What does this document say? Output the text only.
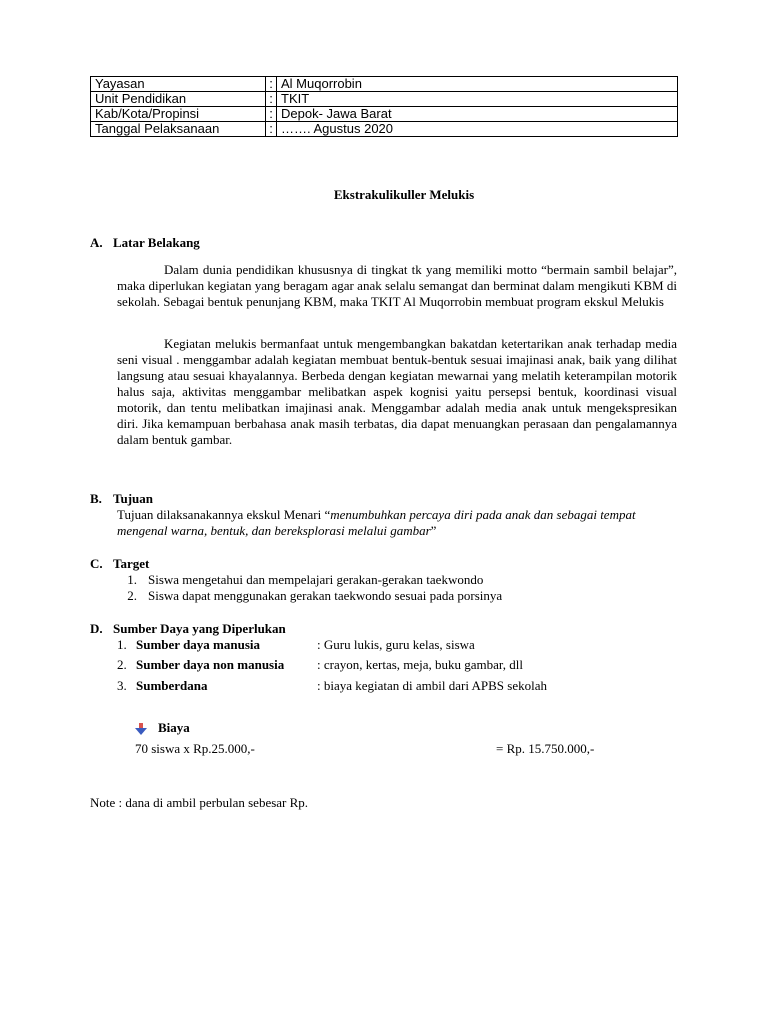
Yayasan	:	Al Muqorrobin
Unit Pendidikan	:	TKIT
Kab/Kota/Propinsi	:	Depok- Jawa Barat
Tanggal Pelaksanaan	:	……. Agustus 2020
Ekstrakulikuller Melukis
A. Latar Belakang
Dalam dunia pendidikan khususnya di tingkat tk yang memiliki motto “bermain sambil belajar”, maka diperlukan kegiatan yang beragam agar anak selalu semangat dan berminat dalam mengikuti KBM di sekolah. Sebagai bentuk penunjang KBM, maka TKIT Al Muqorrobin membuat program ekskul Melukis
Kegiatan melukis bermanfaat untuk mengembangkan bakatdan ketertarikan anak terhadap media seni visual . menggambar adalah kegiatan membuat bentuk-bentuk sesuai imajinasi anak, baik yang dilihat langsung atau sesuai khayalannya. Berbeda dengan kegiatan mewarnai yang melatih keterampilan motorik halus saja, aktivitas menggambar melibatkan aspek kognisi yaitu persepsi bentuk, koordinasi visual motorik, dan tentu melibatkan imajinasi anak. Menggambar adalah media anak untuk mengekspresikan diri. Jika kemampuan berbahasa anak masih terbatas, dia dapat menuangkan perasaan dan pengalamannya dalam bentuk gambar.
B. Tujuan
Tujuan dilaksanakannya ekskul Menari “menumbuhkan percaya diri pada anak dan sebagai tempat mengenal warna, bentuk, dan bereksplorasi melalui gambar”
C. Target
1. Siswa mengetahui dan mempelajari gerakan-gerakan taekwondo
2. Siswa dapat menggunakan gerakan taekwondo sesuai pada porsinya
D. Sumber Daya yang Diperlukan
1. Sumber daya manusia	: Guru lukis, guru kelas, siswa
2. Sumber daya non manusia	: crayon, kertas, meja, buku gambar, dll
3. Sumberdana	: biaya kegiatan di ambil dari APBS sekolah
Biaya
70 siswa x Rp.25.000,-	= Rp. 15.750.000,-
Note : dana di ambil perbulan sebesar Rp.
